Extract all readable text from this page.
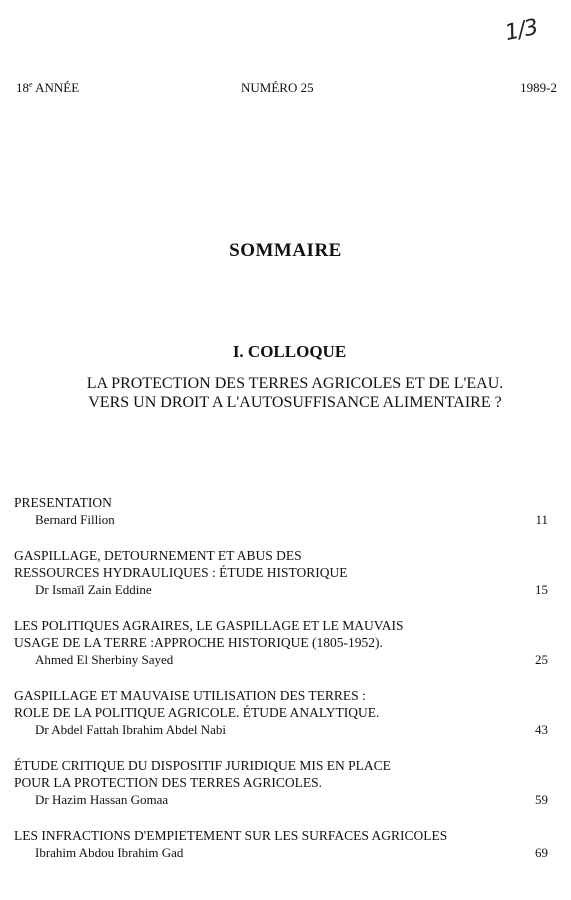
1/3
18e ANNÉE	NUMÉRO 25	1989-2
SOMMAIRE
I. COLLOQUE
LA PROTECTION DES TERRES AGRICOLES ET DE L'EAU.
VERS UN DROIT A L'AUTOSUFFISANCE ALIMENTAIRE ?
PRESENTATION
Bernard Fillion	11
GASPILLAGE, DETOURNEMENT ET ABUS DES
RESSOURCES HYDRAULIQUES : ÉTUDE HISTORIQUE
Dr Ismaïl Zain Eddine	15
LES POLITIQUES AGRAIRES, LE GASPILLAGE ET LE MAUVAIS
USAGE DE LA TERRE :APPROCHE HISTORIQUE (1805-1952).
Ahmed El Sherbiny Sayed	25
GASPILLAGE ET MAUVAISE UTILISATION DES TERRES :
ROLE DE LA POLITIQUE AGRICOLE. ÉTUDE ANALYTIQUE.
Dr Abdel Fattah Ibrahim Abdel Nabi	43
ÉTUDE CRITIQUE DU DISPOSITIF JURIDIQUE MIS EN PLACE
POUR LA PROTECTION DES TERRES AGRICOLES.
Dr Hazim Hassan Gomaa	59
LES INFRACTIONS D'EMPIETEMENT SUR LES SURFACES AGRICOLES
Ibrahim Abdou Ibrahim Gad	69
